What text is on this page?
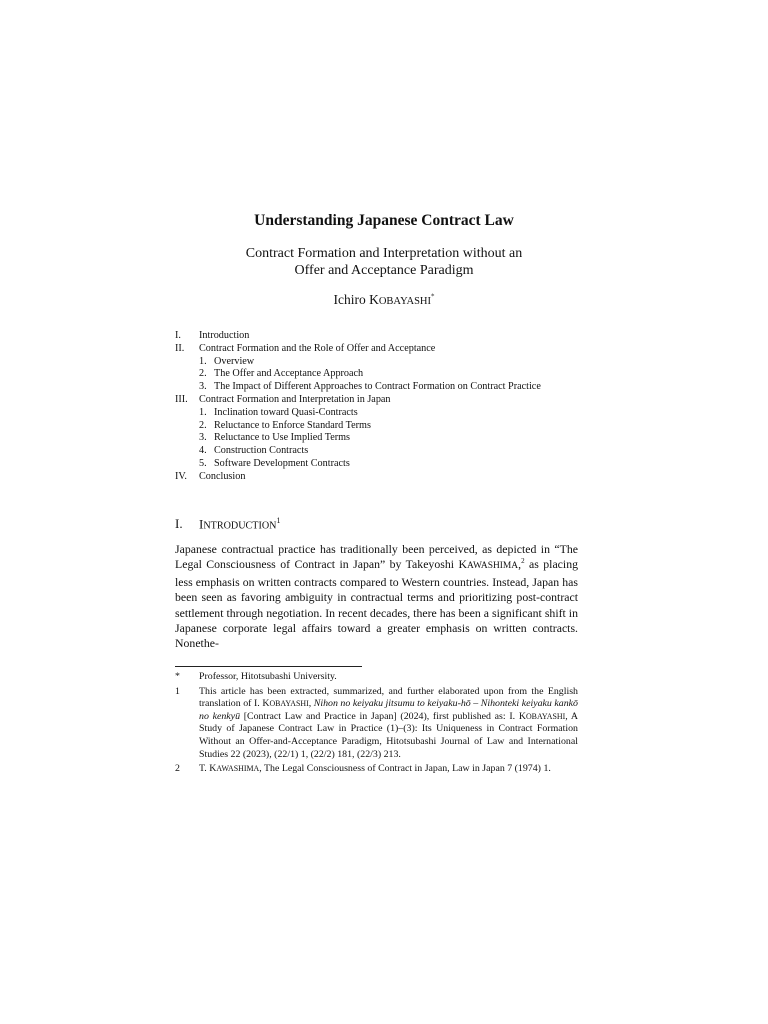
Understanding Japanese Contract Law
Contract Formation and Interpretation without an
Offer and Acceptance Paradigm
Ichiro KOBAYASHI*
I.	Introduction
II.	Contract Formation and the Role of Offer and Acceptance
1. Overview
2. The Offer and Acceptance Approach
3. The Impact of Different Approaches to Contract Formation on Contract Practice
III.	Contract Formation and Interpretation in Japan
1. Inclination toward Quasi-Contracts
2. Reluctance to Enforce Standard Terms
3. Reluctance to Use Implied Terms
4. Construction Contracts
5. Software Development Contracts
IV.	Conclusion
I. INTRODUCTION$^1$
Japanese contractual practice has traditionally been perceived, as depicted in “The Legal Consciousness of Contract in Japan” by Takeyoshi KAWASHIMA,$^2$ as placing less emphasis on written contracts compared to Western countries. Instead, Japan has been seen as favoring ambiguity in contractual terms and prioritizing post-contract settlement through negotiation. In recent decades, there has been a significant shift in Japanese corporate legal affairs toward a greater emphasis on written contracts. Nonethe-
*	Professor, Hitotsubashi University.
1	This article has been extracted, summarized, and further elaborated upon from the English translation of I. KOBAYASHI, Nihon no keiyaku jitsumu to keiyaku-hō – Nihonteki keiyaku kankō no kenkyū [Contract Law and Practice in Japan] (2024), first published as: I. KOBAYASHI, A Study of Japanese Contract Law in Practice (1)–(3): Its Uniqueness in Contract Formation Without an Offer-and-Acceptance Paradigm, Hitotsubashi Journal of Law and International Studies 22 (2023), (22/1) 1, (22/2) 181, (22/3) 213.
2	T. KAWASHIMA, The Legal Consciousness of Contract in Japan, Law in Japan 7 (1974) 1.
